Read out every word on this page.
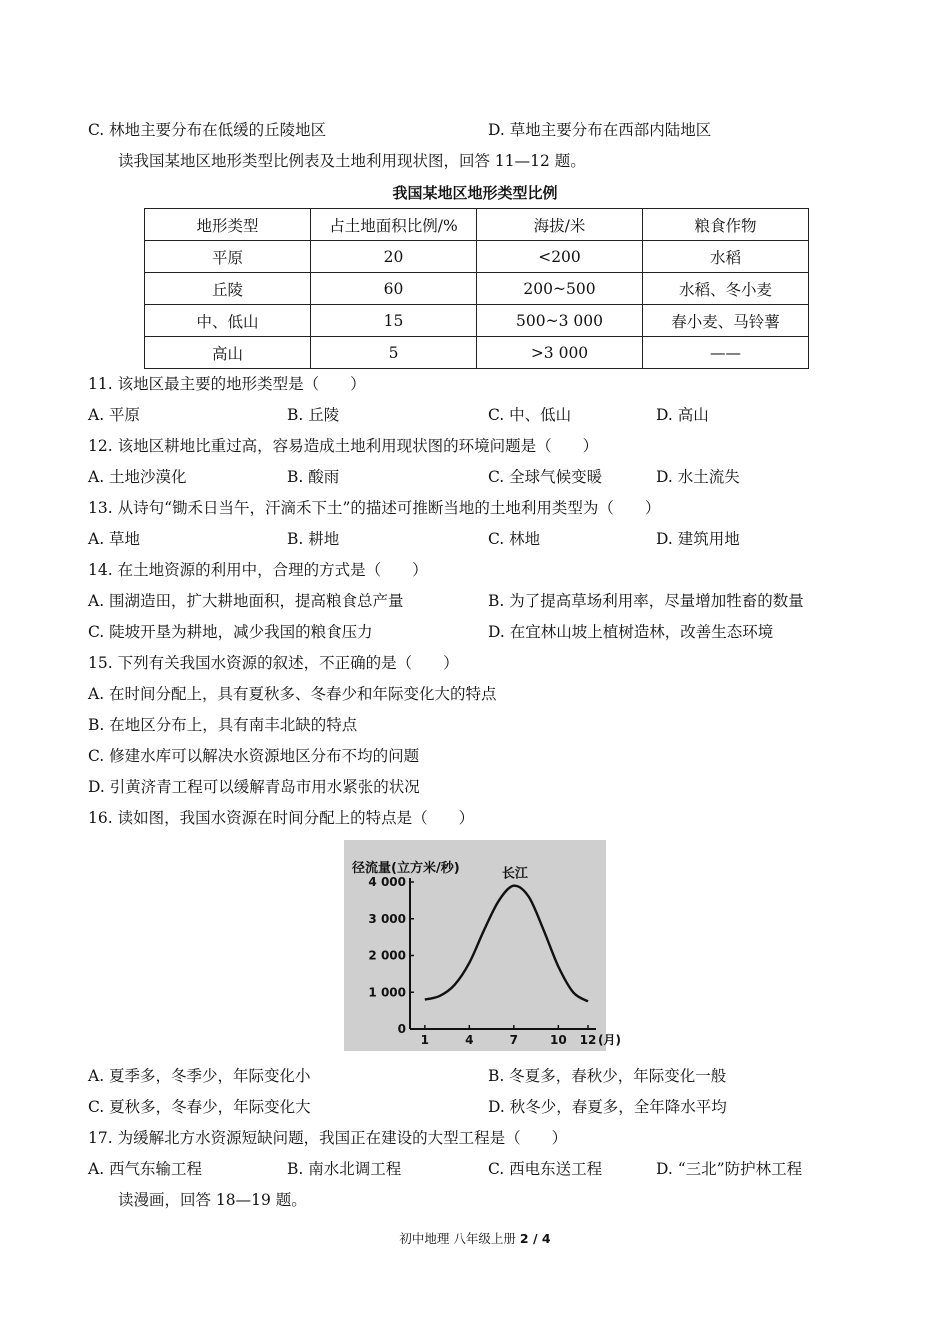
C. 林地主要分布在低缓的丘陵地区	D. 草地主要分布在西部内陆地区
读我国某地区地形类型比例表及土地利用现状图，回答 11—12 题。
我国某地区地形类型比例
地形类型	占土地面积比例/%	海拔/米	粮食作物
平原	20	<200	水稻
丘陵	60	200~500	水稻、冬小麦
中、低山	15	500~3 000	春小麦、马铃薯
高山	5	>3 000	——
11. 该地区最主要的地形类型是（　　）
A. 平原	B. 丘陵	C. 中、低山	D. 高山
12. 该地区耕地比重过高，容易造成土地利用现状图的环境问题是（　　）
A. 土地沙漠化	B. 酸雨	C. 全球气候变暖	D. 水土流失
13. 从诗句“锄禾日当午，汗滴禾下土”的描述可推断当地的土地利用类型为（　　）
A. 草地	B. 耕地	C. 林地	D. 建筑用地
14. 在土地资源的利用中，合理的方式是（　　）
A. 围湖造田，扩大耕地面积，提高粮食总产量	B. 为了提高草场利用率，尽量增加牲畜的数量
C. 陡坡开垦为耕地，减少我国的粮食压力	D. 在宜林山坡上植树造林，改善生态环境
15. 下列有关我国水资源的叙述，不正确的是（　　）
A. 在时间分配上，具有夏秋多、冬春少和年际变化大的特点
B. 在地区分布上，具有南丰北缺的特点
C. 修建水库可以解决水资源地区分布不均的问题
D. 引黄济青工程可以缓解青岛市用水紧张的状况
16. 读如图，我国水资源在时间分配上的特点是（　　）
径流量(立方米/秒)
0
1 000
2 000
3 000
4 000
1	4	7	10 12 (月)
长江
A. 夏季多，冬季少，年际变化小	B. 冬夏多，春秋少，年际变化一般
C. 夏秋多，冬春少，年际变化大	D. 秋冬少，春夏多，全年降水平均
17. 为缓解北方水资源短缺问题，我国正在建设的大型工程是（　　）
A. 西气东输工程	B. 南水北调工程	C. 西电东送工程	D. “三北”防护林工程
读漫画，回答 18—19 题。
初中地理 八年级上册 2 / 4
